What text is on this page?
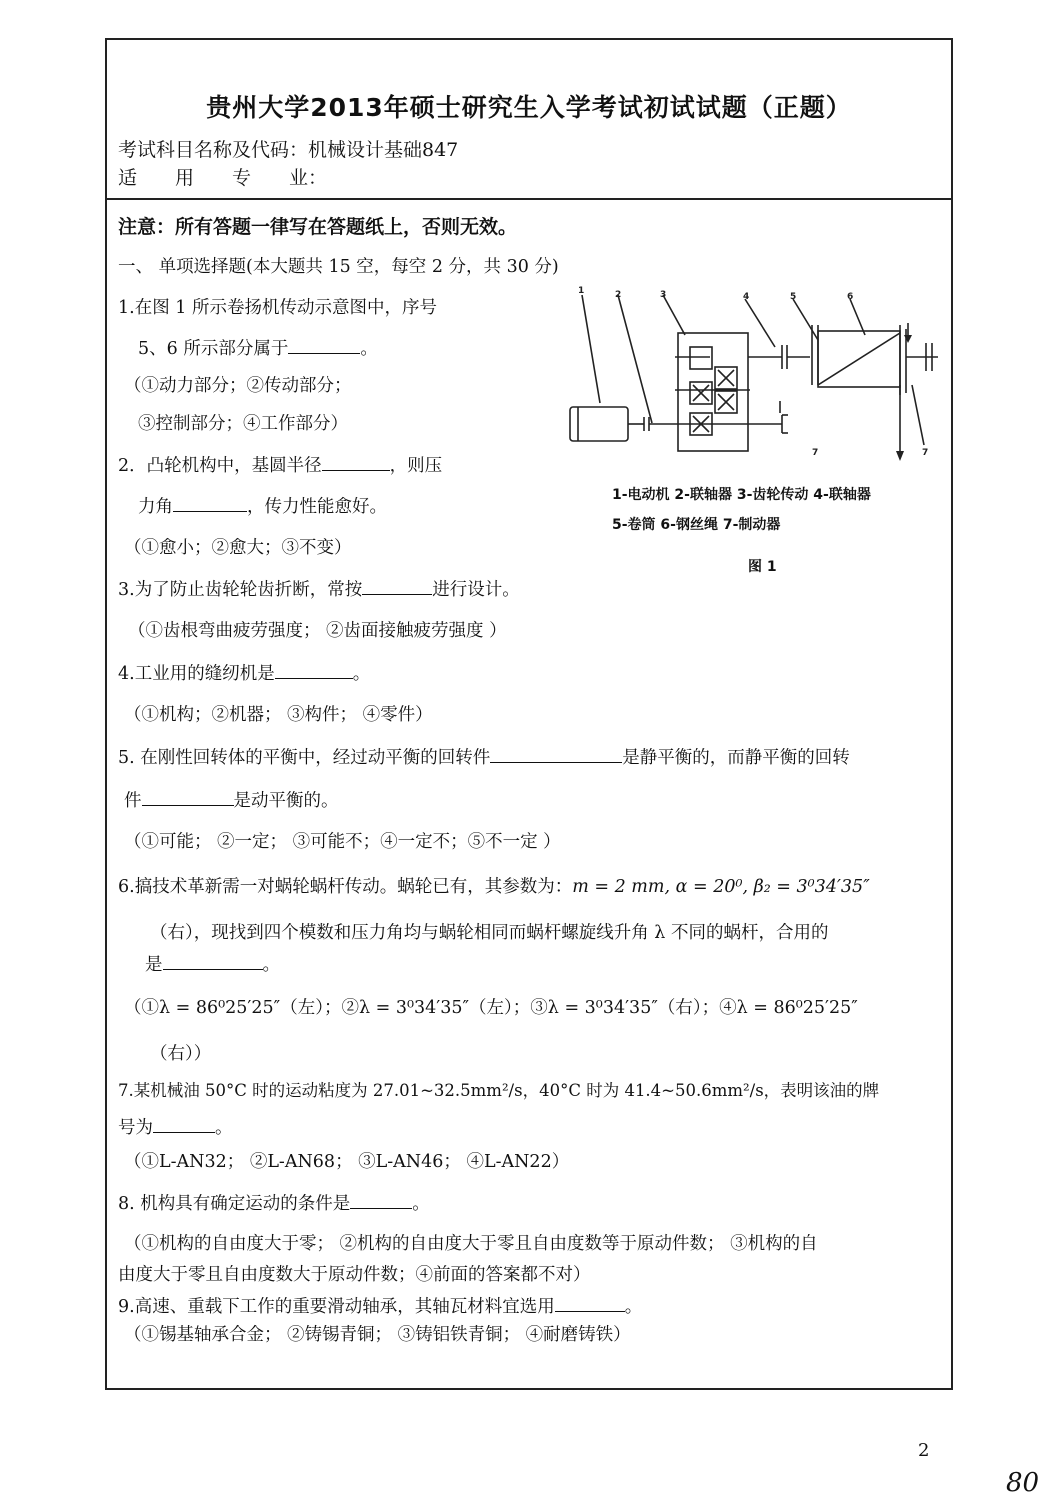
贵州大学2013年硕士研究生入学考试初试试题（正题）
考试科目名称及代码：机械设计基础847
适　　用　　专　　业：
注意：所有答题一律写在答题纸上，否则无效。
一、 单项选择题(本大题共 15 空，每空 2 分，共 30 分)
1.在图 1 所示卷扬机传动示意图中，序号
5、6 所示部分属于	。
（①动力部分；②传动部分；
③控制部分；④工作部分）
2．凸轮机构中，基圆半径	，则压
力角	，传力性能愈好。
（①愈小；②愈大；③不变）
3.为了防止齿轮轮齿折断，常按	进行设计。
（①齿根弯曲疲劳强度； ②齿面接触疲劳强度 ）
4.工业用的缝纫机是	。
（①机构；②机器； ③构件； ④零件）
5. 在刚性回转体的平衡中，经过动平衡的回转件	是静平衡的，而静平衡的回转
件	是动平衡的。
（①可能； ②一定； ③可能不；④一定不；⑤不一定 ）
6.搞技术革新需一对蜗轮蜗杆传动。蜗轮已有，其参数为：m = 2 mm, α = 20⁰, β₂ = 3⁰34′35″
（右），现找到四个模数和压力角均与蜗轮相同而蜗杆螺旋线升角 λ 不同的蜗杆，合用的
是	。
（①λ = 86⁰25′25″（左）；②λ = 3⁰34′35″（左）；③λ = 3⁰34′35″（右）；④λ = 86⁰25′25″
（右））
7.某机械油 50°C 时的运动粘度为 27.01~32.5mm²/s，40°C 时为 41.4~50.6mm²/s，表明该油的牌
号为	。
（①L-AN32； ②L-AN68； ③L-AN46； ④L-AN22）
8. 机构具有确定运动的条件是	。
（①机构的自由度大于零； ②机构的自由度大于零且自由度数等于原动件数； ③机构的自
由度大于零且自由度数大于原动件数；④前面的答案都不对）
9.高速、重载下工作的重要滑动轴承，其轴瓦材料宜选用	。
（①锡基轴承合金； ②铸锡青铜； ③铸铝铁青铜； ④耐磨铸铁）
1	2	3	4	5	6
7	7
1-电动机 2-联轴器 3-齿轮传动 4-联轴器
5-卷筒 6-钢丝绳 7-制动器
图 1
2
80
